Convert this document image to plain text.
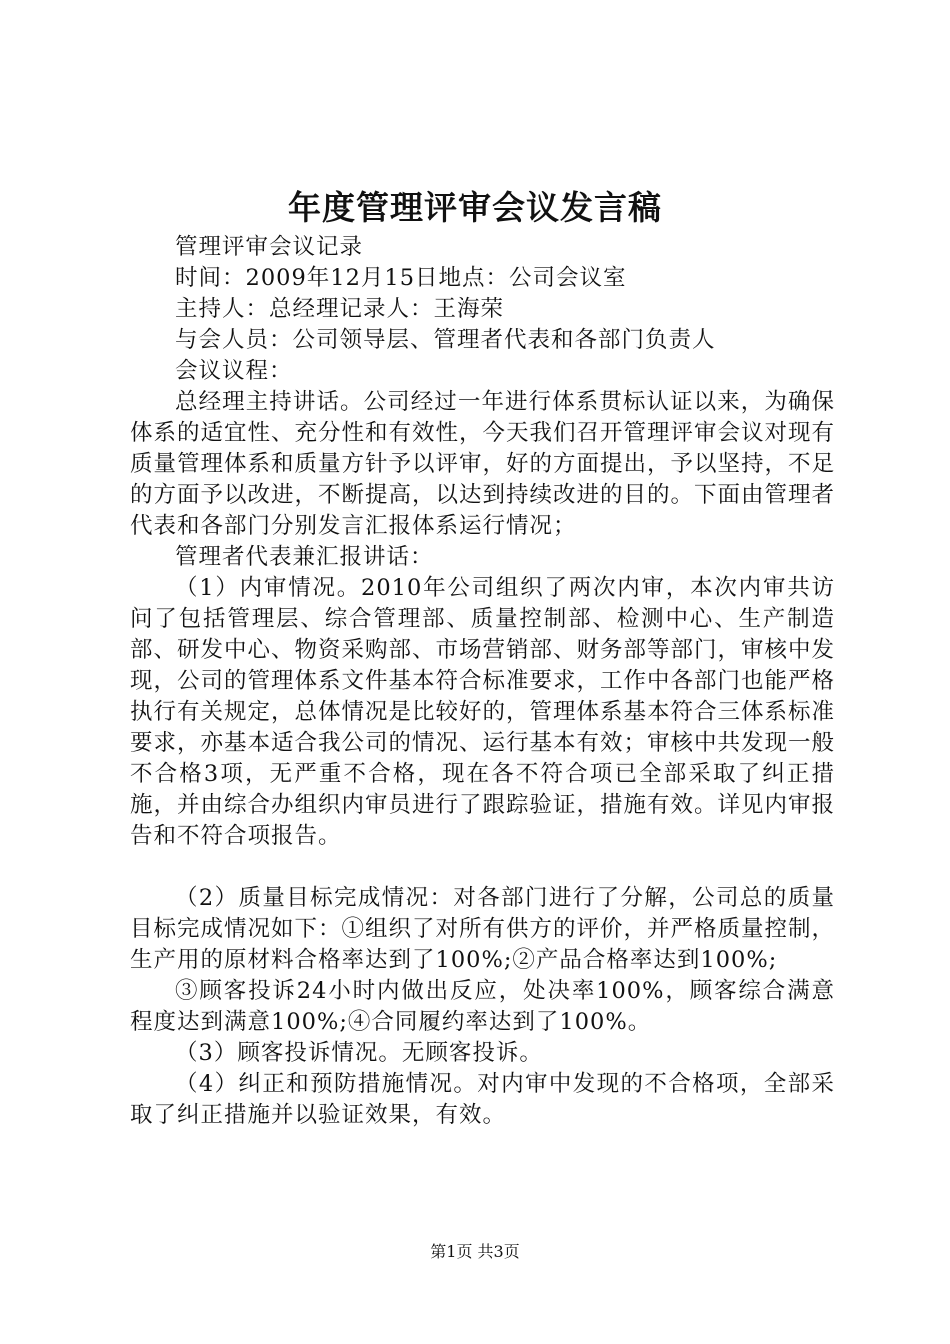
年度管理评审会议发言稿

管理评审会议记录

时间：2009年12月15日地点：公司会议室

主持人：总经理记录人：王海荣

与会人员：公司领导层、管理者代表和各部门负责人

会议议程：

总经理主持讲话。公司经过一年进行体系贯标认证以来，为确保体系的适宜性、充分性和有效性，今天我们召开管理评审会议对现有质量管理体系和质量方针予以评审，好的方面提出，予以坚持，不足的方面予以改进，不断提高，以达到持续改进的目的。下面由管理者代表和各部门分别发言汇报体系运行情况；

管理者代表兼汇报讲话：

（1）内审情况。2010年公司组织了两次内审，本次内审共访问了包括管理层、综合管理部、质量控制部、检测中心、生产制造部、研发中心、物资采购部、市场营销部、财务部等部门，审核中发现，公司的管理体系文件基本符合标准要求，工作中各部门也能严格执行有关规定，总体情况是比较好的，管理体系基本符合三体系标准要求，亦基本适合我公司的情况、运行基本有效；审核中共发现一般不合格3项，无严重不合格，现在各不符合项已全部采取了纠正措施，并由综合办组织内审员进行了跟踪验证，措施有效。详见内审报告和不符合项报告。

（2）质量目标完成情况：对各部门进行了分解，公司总的质量目标完成情况如下：①组织了对所有供方的评价，并严格质量控制，生产用的原材料合格率达到了100%;②产品合格率达到100%;

③顾客投诉24小时内做出反应，处决率100%，顾客综合满意程度达到满意100%;④合同履约率达到了100%。

（3）顾客投诉情况。无顾客投诉。

（4）纠正和预防措施情况。对内审中发现的不合格项，全部采取了纠正措施并以验证效果，有效。

第1页 共3页
